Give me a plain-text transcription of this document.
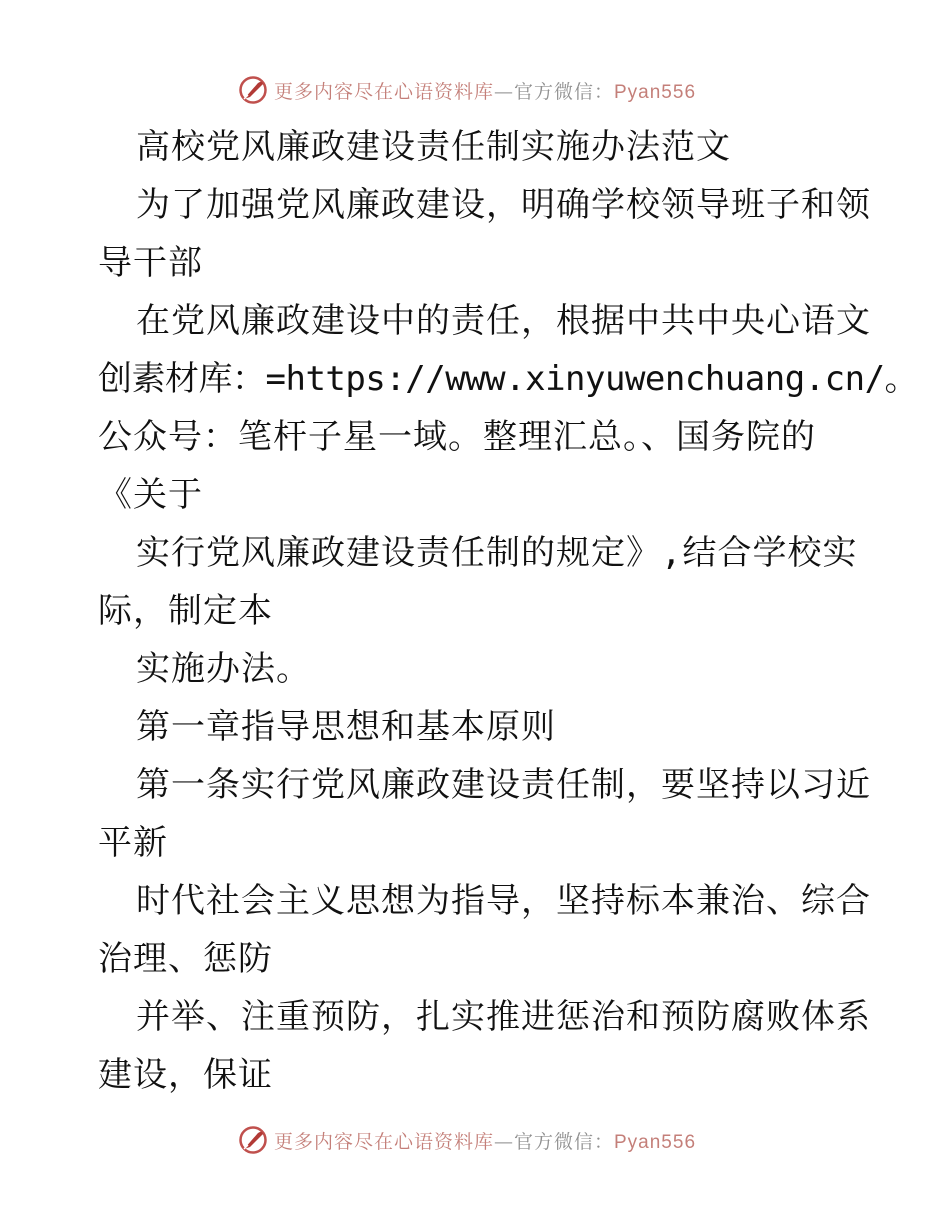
更多内容尽在心语资料库—官方微信：Pyan556
高校党风廉政建设责任制实施办法范文
为了加强党风廉政建设，明确学校领导班子和领
导干部
在党风廉政建设中的责任，根据中共中央心语文
创素材库：=https://www.xinyuwenchuang.cn/。
公众号：笔杆子星一域。整理汇总。、国务院的
《关于
实行党风廉政建设责任制的规定》,结合学校实
际，制定本
实施办法。
第一章指导思想和基本原则
第一条实行党风廉政建设责任制，要坚持以习近
平新
时代社会主义思想为指导，坚持标本兼治、综合
治理、惩防
并举、注重预防，扎实推进惩治和预防腐败体系
建设，保证
更多内容尽在心语资料库—官方微信：Pyan556
